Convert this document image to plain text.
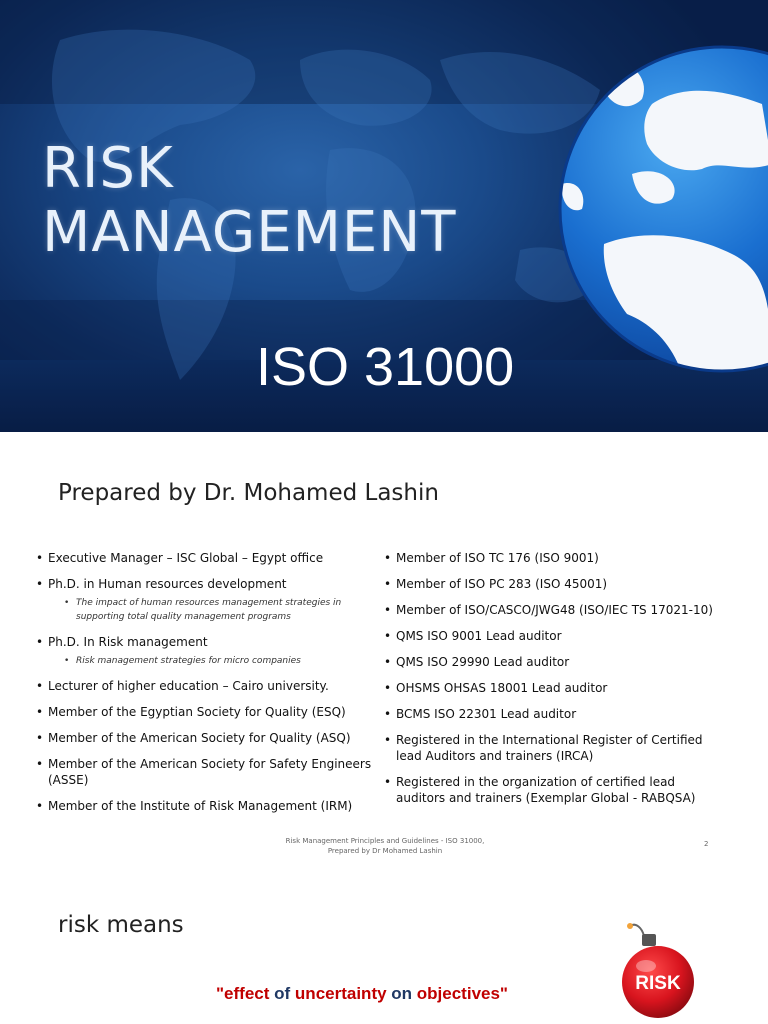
RISK
MANAGEMENT
ISO 31000
Prepared by Dr. Mohamed Lashin
• Executive Manager – ISC Global – Egypt office
• Ph.D. in Human resources development
• The impact of human resources management strategies in supporting total quality management programs
• Ph.D. In Risk management
• Risk management strategies for micro companies
• Lecturer of higher education – Cairo university.
• Member of the Egyptian Society for Quality (ESQ)
• Member of the American Society for Quality (ASQ)
• Member of the American Society for Safety Engineers (ASSE)
• Member of the Institute of Risk Management (IRM)
• Member of ISO TC 176 (ISO 9001)
• Member of ISO PC 283 (ISO 45001)
• Member of ISO/CASCO/JWG48 (ISO/IEC TS 17021-10)
• QMS ISO 9001 Lead auditor
• QMS ISO 29990 Lead auditor
• OHSMS OHSAS 18001 Lead auditor
• BCMS ISO 22301 Lead auditor
• Registered in the International Register of Certified lead Auditors and trainers (IRCA)
• Registered in the organization of certified lead auditors and trainers (Exemplar Global - RABQSA)
Risk Management Principles and Guidelines - ISO 31000,
Prepared by Dr Mohamed Lashin
2
risk means
"effect of uncertainty on objectives"	RISK
